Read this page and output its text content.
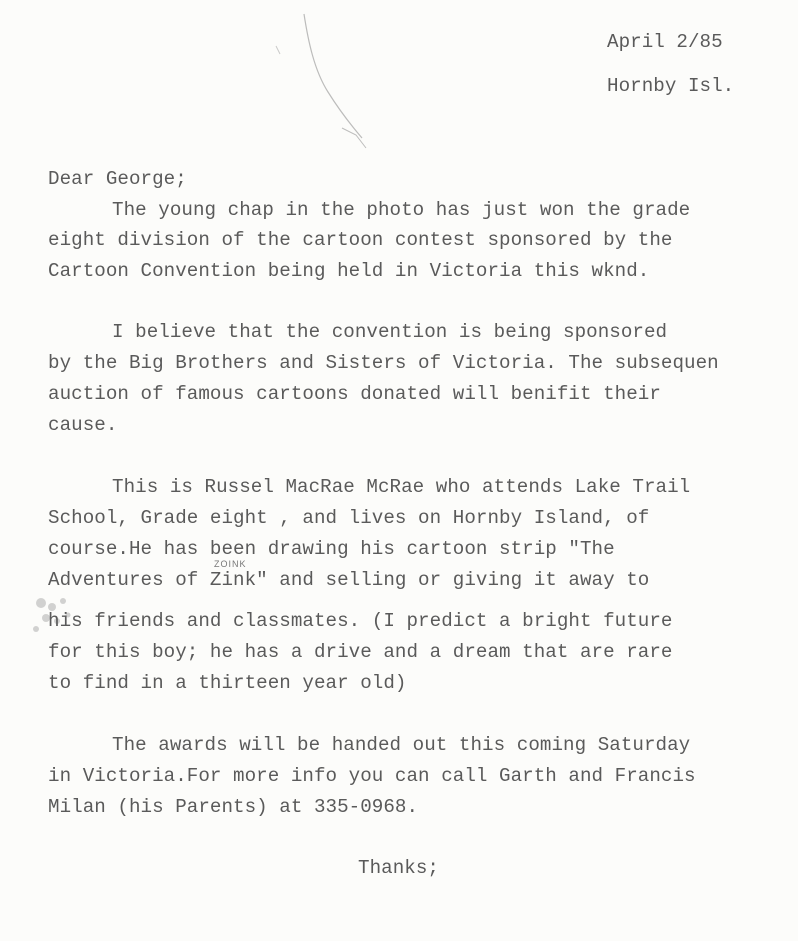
April 2/85
Hornby Isl.
Dear George;
The young chap in the photo has just won the grade
eight division of the cartoon contest sponsored by the
Cartoon Convention being held in Victoria this wknd.
I believe that the convention is being sponsored
by the Big Brothers and Sisters of Victoria. The subsequen
auction of famous cartoons donated will benifit their
cause.
This is Russel MacRae McRae who attends Lake Trail
School, Grade eight , and lives on Hornby Island, of
course.He has been drawing his cartoon strip "The
ZOINK
Adventures of Zink" and selling or giving it away to
his friends and classmates. (I predict a bright future
for this boy; he has a drive and a dream that are rare
to find in a thirteen year old)
The awards will be handed out this coming Saturday
in Victoria.For more info you can call Garth and Francis
Milan (his Parents) at 335-0968.
Thanks;
